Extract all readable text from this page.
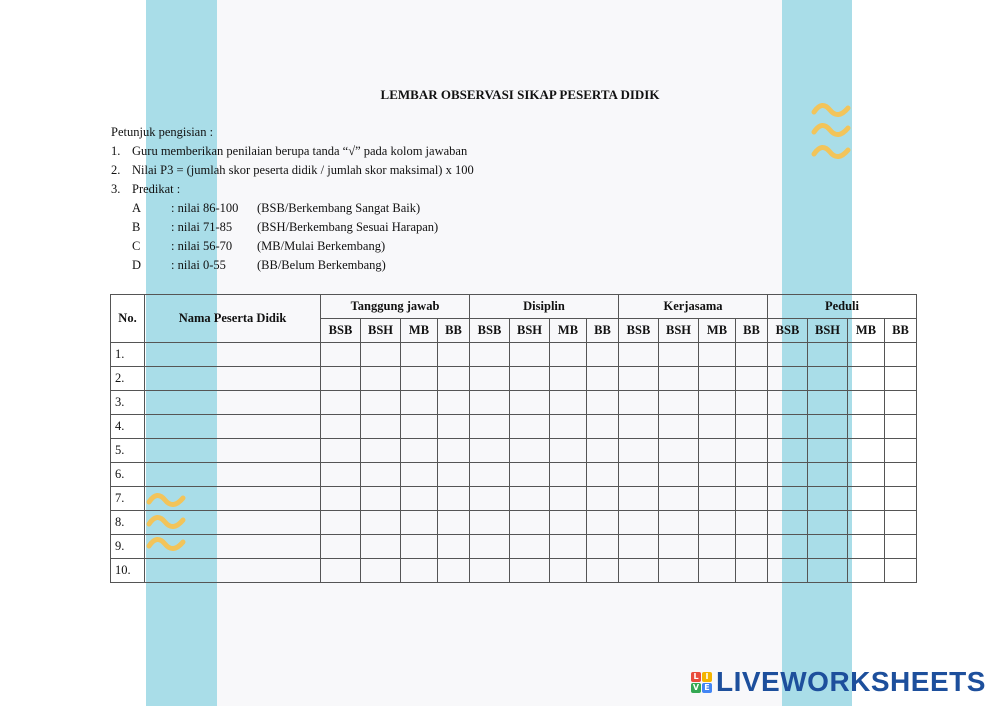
LEMBAR OBSERVASI SIKAP PESERTA DIDIK
Petunjuk pengisian :
1. Guru memberikan penilaian berupa tanda “√” pada kolom jawaban
2. Nilai P3 = (jumlah skor peserta didik / jumlah skor maksimal) x 100
3. Predikat :
A : nilai 86-100 (BSB/Berkembang Sangat Baik)
B : nilai 71-85 (BSH/Berkembang Sesuai Harapan)
C : nilai 56-70 (MB/Mulai Berkembang)
D : nilai 0-55 (BB/Belum Berkembang)
No.	Nama Peserta Didik	Tanggung jawab				Disiplin				Kerjasama				Peduli			
		BSB	BSH	MB	BB	BSB	BSH	MB	BB	BSB	BSH	MB	BB	BSB	BSH	MB	BB
1.																	
2.																	
3.																	
4.																	
5.																	
6.																	
7.																	
8.																	
9.																	
10.																	
L I
V E LIVEWORKSHEETS
